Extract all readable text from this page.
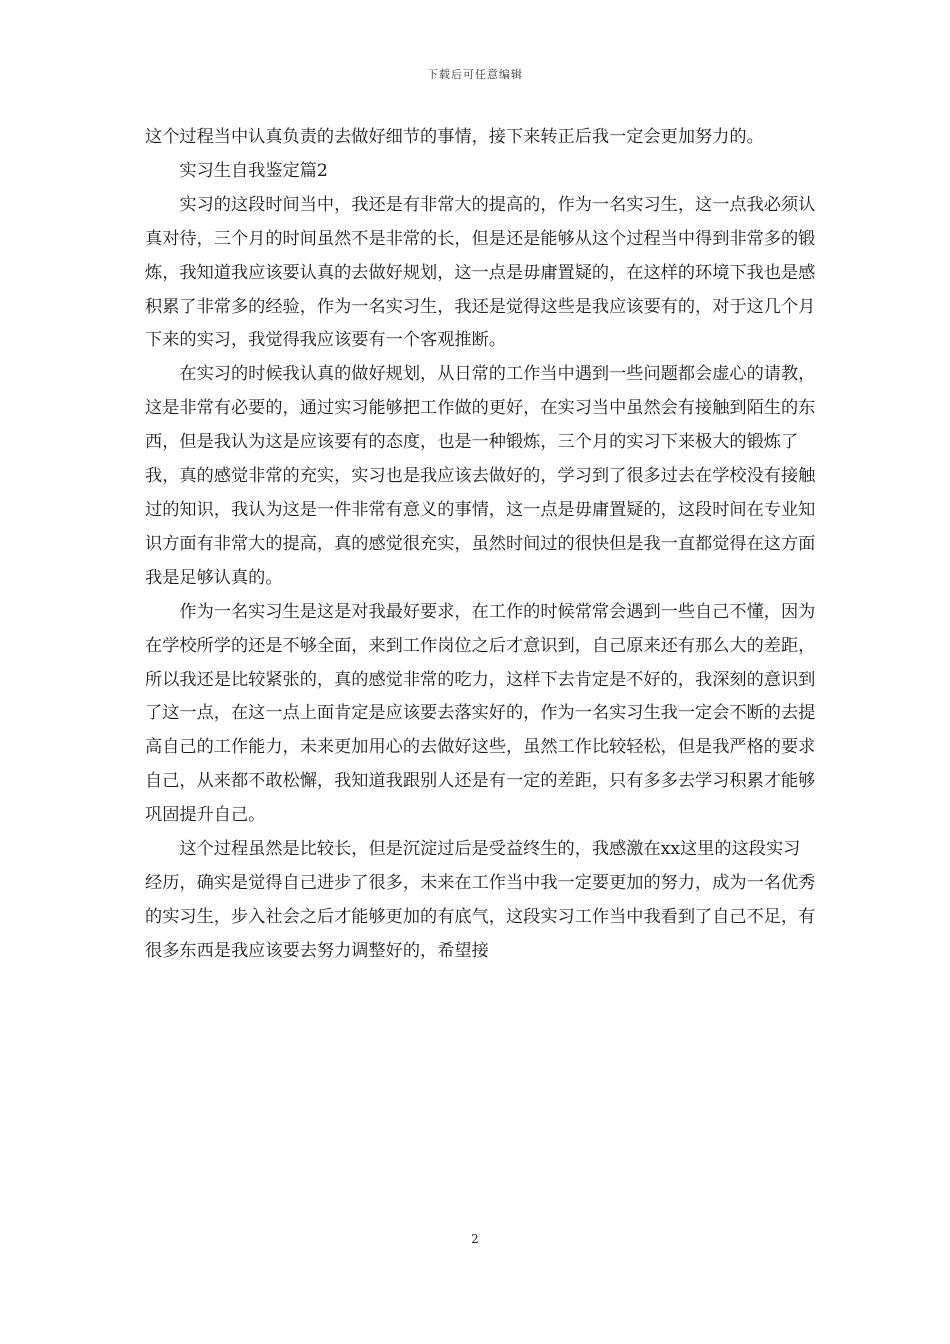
下载后可任意编辑

这个过程当中认真负责的去做好细节的事情，接下来转正后我一定会更加努力的。

实习生自我鉴定篇2

实习的这段时间当中，我还是有非常大的提高的，作为一名实习生，这一点我必须认真对待，三个月的时间虽然不是非常的长，但是还是能够从这个过程当中得到非常多的锻炼，我知道我应该要认真的去做好规划，这一点是毋庸置疑的，在这样的环境下我也是感积累了非常多的经验，作为一名实习生，我还是觉得这些是我应该要有的，对于这几个月下来的实习，我觉得我应该要有一个客观推断。

在实习的时候我认真的做好规划，从日常的工作当中遇到一些问题都会虚心的请教，这是非常有必要的，通过实习能够把工作做的更好，在实习当中虽然会有接触到陌生的东西，但是我认为这是应该要有的态度，也是一种锻炼，三个月的实习下来极大的锻炼了我，真的感觉非常的充实，实习也是我应该去做好的，学习到了很多过去在学校没有接触过的知识，我认为这是一件非常有意义的事情，这一点是毋庸置疑的，这段时间在专业知识方面有非常大的提高，真的感觉很充实，虽然时间过的很快但是我一直都觉得在这方面我是足够认真的。

作为一名实习生是这是对我最好要求，在工作的时候常常会遇到一些自己不懂，因为在学校所学的还是不够全面，来到工作岗位之后才意识到，自己原来还有那么大的差距，所以我还是比较紧张的，真的感觉非常的吃力，这样下去肯定是不好的，我深刻的意识到了这一点，在这一点上面肯定是应该要去落实好的，作为一名实习生我一定会不断的去提高自己的工作能力，未来更加用心的去做好这些，虽然工作比较轻松，但是我严格的要求自己，从来都不敢松懈，我知道我跟别人还是有一定的差距，只有多多去学习积累才能够巩固提升自己。

这个过程虽然是比较长，但是沉淀过后是受益终生的，我感激在xx这里的这段实习经历，确实是觉得自己进步了很多，未来在工作当中我一定要更加的努力，成为一名优秀的实习生，步入社会之后才能够更加的有底气，这段实习工作当中我看到了自己不足，有很多东西是我应该要去努力调整好的，希望接

2
